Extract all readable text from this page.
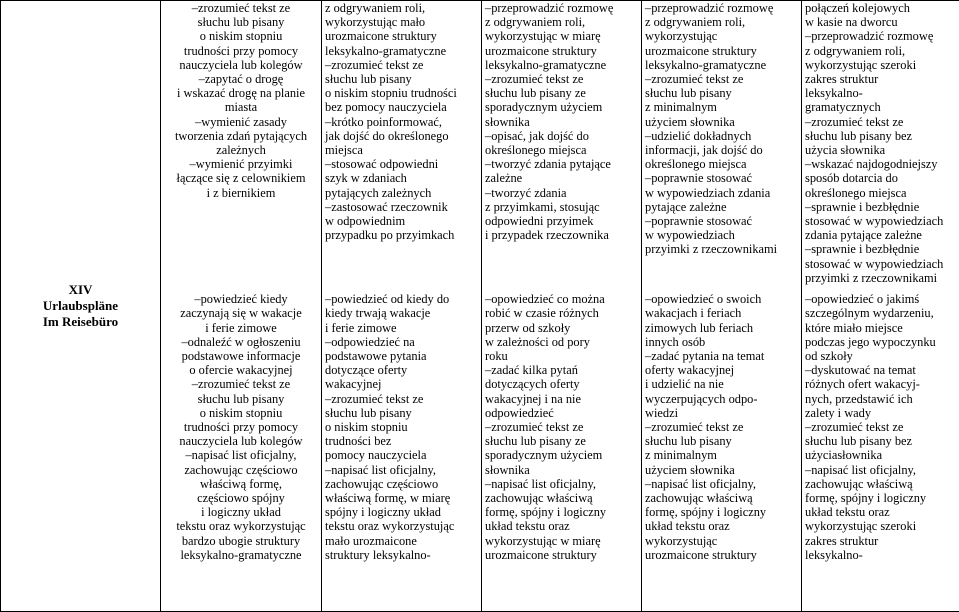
XIV
Urlaubspläne
Im Reisebüro

–zrozumieć tekst ze
słuchu lub pisany
o niskim stopniu
trudności przy pomocy
nauczyciela lub kolegów
–zapytać o drogę
i wskazać drogę na planie
miasta
–wymienić zasady
tworzenia zdań pytających
zależnych
–wymienić przyimki
łączące się z celownikiem
i z biernikiem
–powiedzieć kiedy
zaczynają się w wakacje
i ferie zimowe
–odnaleźć w ogłoszeniu
podstawowe informacje
o ofercie wakacyjnej
–zrozumieć tekst ze
słuchu lub pisany
o niskim stopniu
trudności przy pomocy
nauczyciela lub kolegów
–napisać list oficjalny,
zachowując częściowo
właściwą formę,
częściowo spójny
i logiczny układ
tekstu oraz wykorzystując
bardzo ubogie struktury
leksykalno-gramatyczne

z odgrywaniem roli,
wykorzystując mało
urozmaicone struktury
leksykalno-gramatyczne
–zrozumieć tekst ze
słuchu lub pisany
o niskim stopniu trudności
bez pomocy nauczyciela
–krótko poinformować,
jak dojść do określonego
miejsca
–stosować odpowiedni
szyk w zdaniach
pytających zależnych
–zastosować rzeczownik
w odpowiednim
przypadku po przyimkach
–powiedzieć od kiedy do
kiedy trwają wakacje
i ferie zimowe
–odpowiedzieć na
podstawowe pytania
dotyczące oferty
wakacyjnej
–zrozumieć tekst ze
słuchu lub pisany
o niskim stopniu
trudności bez
pomocy nauczyciela
–napisać list oficjalny,
zachowując częściowo
właściwą formę, w miarę
spójny i logiczny układ
tekstu oraz wykorzystując
mało urozmaicone
struktury leksykalno-

–przeprowadzić rozmowę
z odgrywaniem roli,
wykorzystując w miarę
urozmaicone struktury
leksykalno-gramatyczne
–zrozumieć tekst ze
słuchu lub pisany ze
sporadycznym użyciem
słownika
–opisać, jak dojść do
określonego miejsca
–tworzyć zdania pytające
zależne
–tworzyć zdania
z przyimkami, stosując
odpowiedni przyimek
i przypadek rzeczownika
–opowiedzieć co można
robić w czasie różnych
przerw od szkoły
w zależności od pory
roku
–zadać kilka pytań
dotyczących oferty
wakacyjnej i na nie
odpowiedzieć
–zrozumieć tekst ze
słuchu lub pisany ze
sporadycznym użyciem
słownika
–napisać list oficjalny,
zachowując właściwą
formę, spójny i logiczny
układ tekstu oraz
wykorzystując w miarę
urozmaicone struktury

–przeprowadzić rozmowę
z odgrywaniem roli,
wykorzystując
urozmaicone struktury
leksykalno-gramatyczne
–zrozumieć tekst ze
słuchu lub pisany
z minimalnym
użyciem słownika
–udzielić dokładnych
informacji, jak dojść do
określonego miejsca
–poprawnie stosować
w wypowiedziach zdania
pytające zależne
–poprawnie stosować
w wypowiedziach
przyimki z rzeczownikami
–opowiedzieć o swoich
wakacjach i feriach
zimowych lub feriach
innych osób
–zadać pytania na temat
oferty wakacyjnej
i udzielić na nie
wyczerpujących odpo-
wiedzi
–zrozumieć tekst ze
słuchu lub pisany
z minimalnym
użyciem słownika
–napisać list oficjalny,
zachowując właściwą
formę, spójny i logiczny
układ tekstu oraz
wykorzystując
urozmaicone struktury

połączeń kolejowych
w kasie na dworcu
–przeprowadzić rozmowę
z odgrywaniem roli,
wykorzystując szeroki
zakres struktur
leksykalno-
gramatycznych
–zrozumieć tekst ze
słuchu lub pisany bez
użycia słownika
–wskazać najdogodniejszy
sposób dotarcia do
określonego miejsca
–sprawnie i bezbłędnie
stosować w wypowiedziach
zdania pytające zależne
–sprawnie i bezbłędnie
stosować w wypowiedziach
przyimki z rzeczownikami
–opowiedzieć o jakimś
szczególnym wydarzeniu,
które miało miejsce
podczas jego wypoczynku
od szkoły
–dyskutować na temat
różnych ofert wakacyj-
nych, przedstawić ich
zalety i wady
–zrozumieć tekst ze
słuchu lub pisany bez
użyciasłownika
–napisać list oficjalny,
zachowując właściwą
formę, spójny i logiczny
układ tekstu oraz
wykorzystując szeroki
zakres struktur
leksykalno-
